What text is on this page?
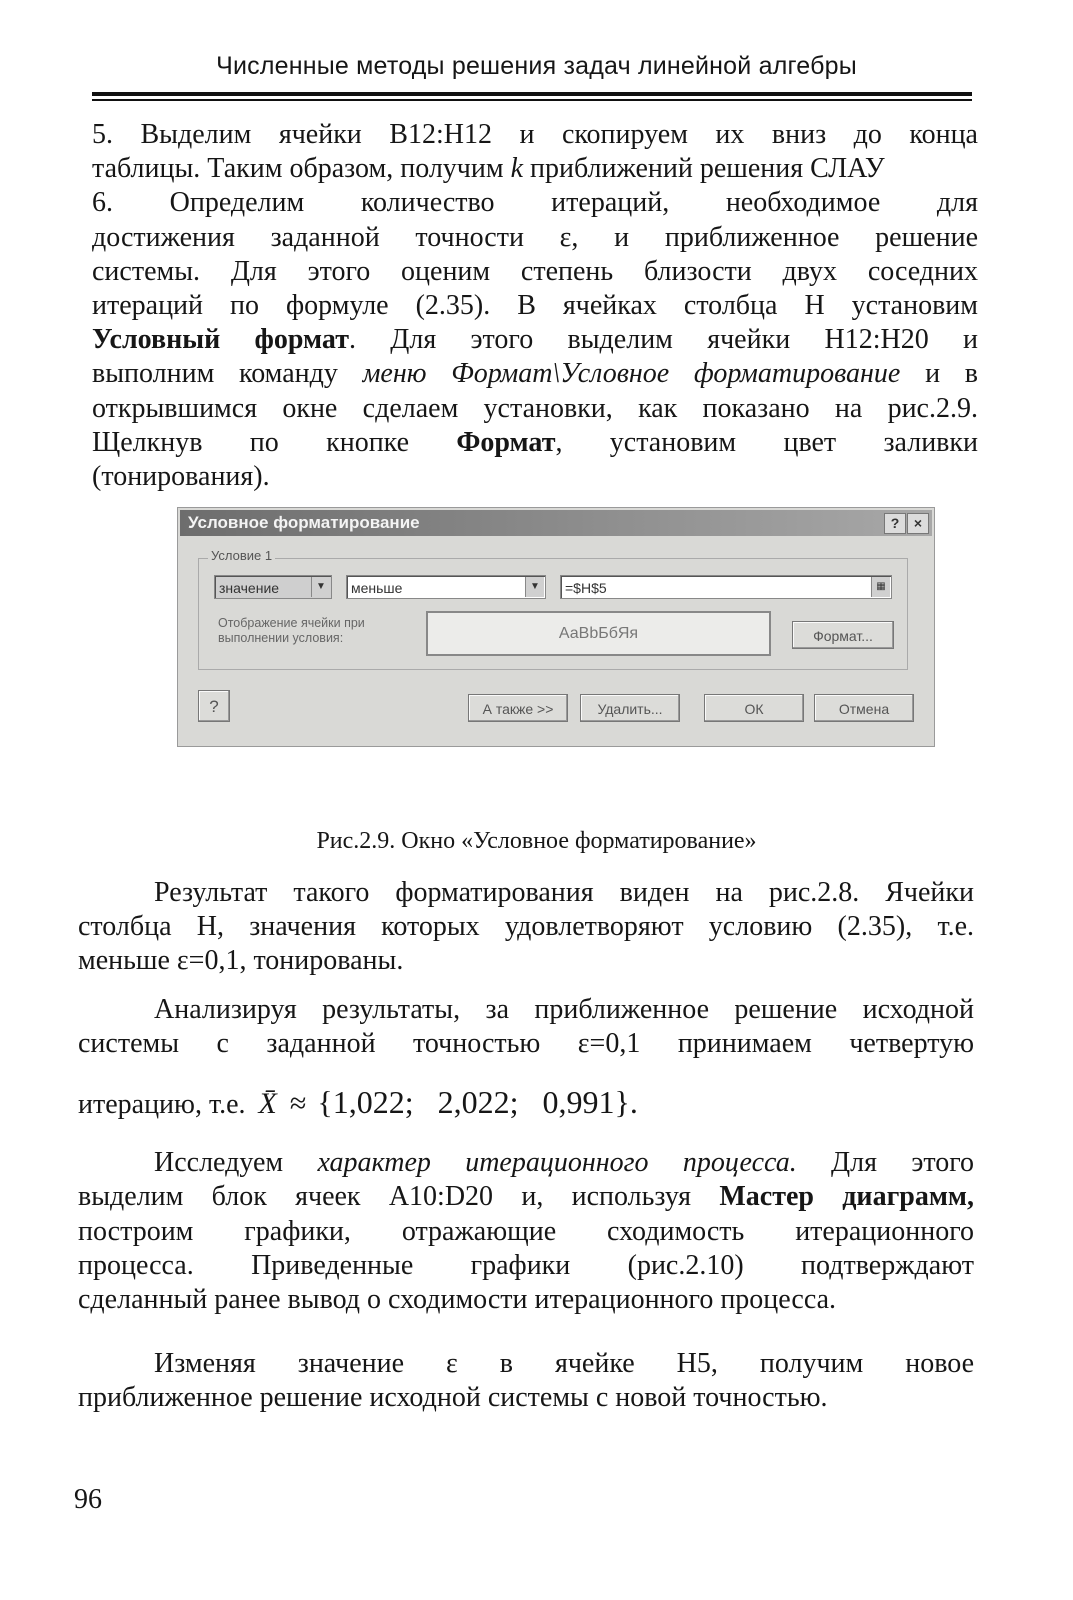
Численные методы решения задач линейной алгебры

5. Выделим ячейки B12:H12 и скопируем их вниз до конца

таблицы. Таким образом, получим k приближений решения СЛАУ

6. Определим количество итераций, необходимое для

достижения заданной точности ε, и приближенное решение

системы. Для этого оценим степень близости двух соседних

итераций по формуле (2.35). В ячейках столбца H установим

Условный формат. Для этого выделим ячейки H12:H20 и

выполним команду меню Формат\Условное форматирование и в

открывшимся окне сделаем установки, как показано на рис.2.9.

Щелкнув по кнопке Формат, установим цвет заливки

(тонирования).

Условное форматирование	?	×
Условие 1
значение	▼	меньше	▼	=$H$5	▦
Отображение ячейки при
выполнении условия:	АаВbБбЯя	Формат...
?	А также >>	Удалить...	ОК	Отмена
Рис.2.9. Окно «Условное форматирование»

Результат такого форматирования виден на рис.2.8. Ячейки

столбца H, значения которых удовлетворяют условию (2.35), т.е.

меньше ε=0,1, тонированы.

Анализируя результаты, за приближенное решение исходной

системы с заданной точностью ε=0,1 принимаем четвертую

итерацию, т.е. X̄ ≈ {1,022;   2,022;   0,991}.

Исследуем характер итерационного процесса. Для этого

выделим блок ячеек A10:D20 и, используя Мастер диаграмм,

построим графики, отражающие сходимость итерационного

процесса. Приведенные графики (рис.2.10) подтверждают

сделанный ранее вывод о сходимости итерационного процесса.

Изменяя значение ε в ячейке H5, получим новое

приближенное решение исходной системы с новой точностью.

96
